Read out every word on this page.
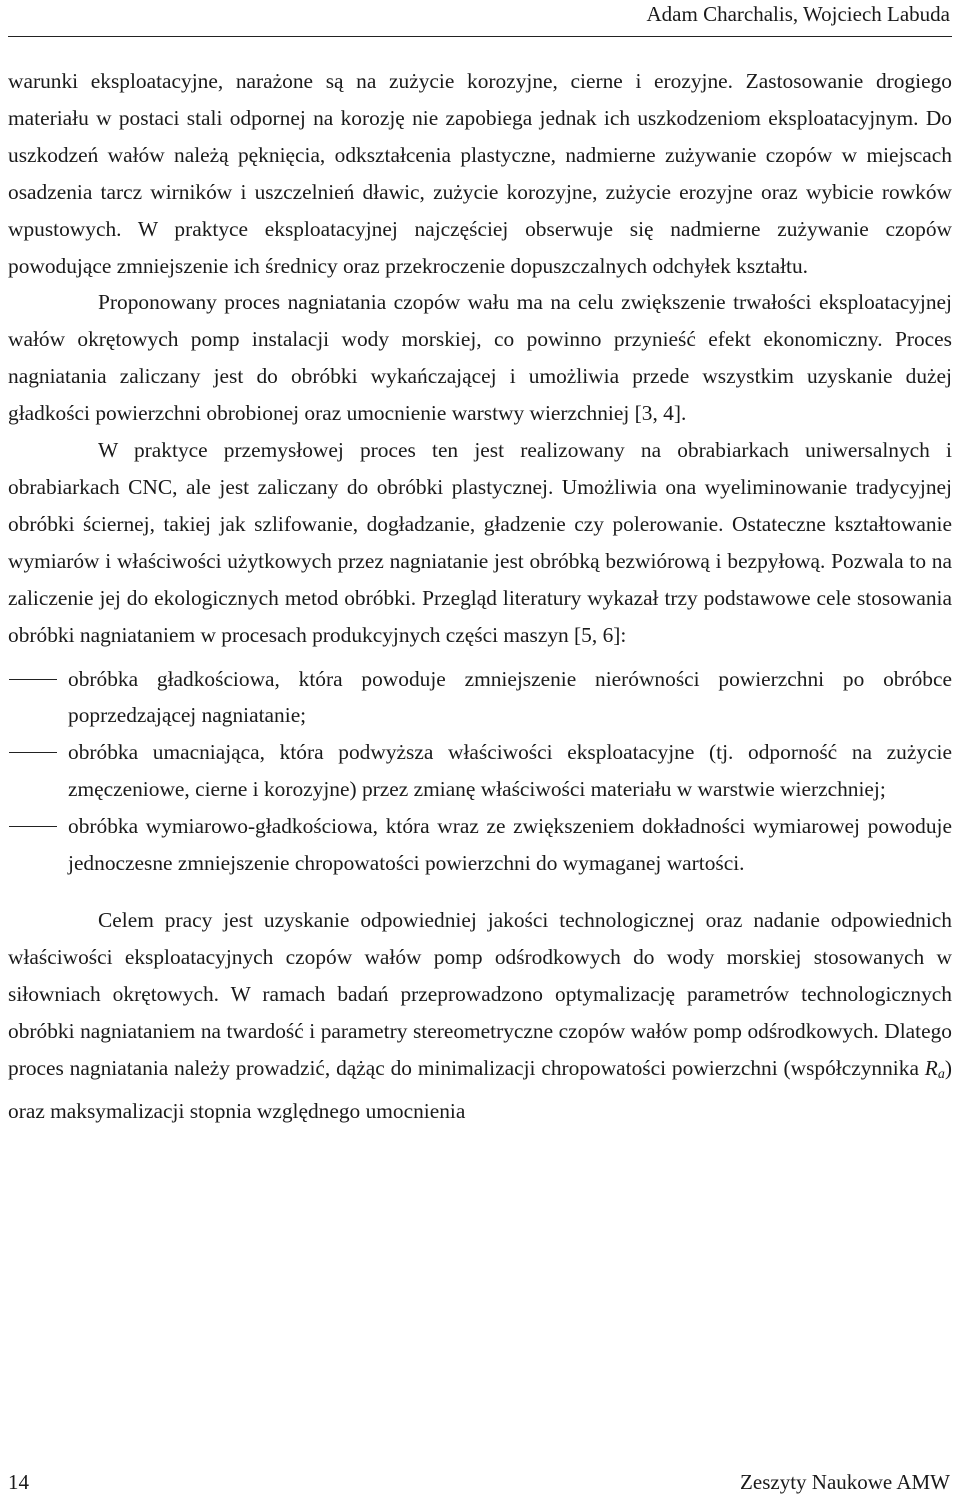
Adam Charchalis, Wojciech Labuda

warunki eksploatacyjne, narażone są na zużycie korozyjne, cierne i erozyjne. Zastosowanie drogiego materiału w postaci stali odpornej na korozję nie zapobiega jednak ich uszkodzeniom eksploatacyjnym. Do uszkodzeń wałów należą pęknięcia, odkształcenia plastyczne, nadmierne zużywanie czopów w miejscach osadzenia tarcz wirników i uszczelnień dławic, zużycie korozyjne, zużycie erozyjne oraz wybicie rowków wpustowych. W praktyce eksploatacyjnej najczęściej obserwuje się nadmierne zużywanie czopów powodujące zmniejszenie ich średnicy oraz przekroczenie dopuszczalnych odchyłek kształtu.

Proponowany proces nagniatania czopów wału ma na celu zwiększenie trwałości eksploatacyjnej wałów okrętowych pomp instalacji wody morskiej, co powinno przynieść efekt ekonomiczny. Proces nagniatania zaliczany jest do obróbki wykańczającej i umożliwia przede wszystkim uzyskanie dużej gładkości powierzchni obrobionej oraz umocnienie warstwy wierzchniej [3, 4].

W praktyce przemysłowej proces ten jest realizowany na obrabiarkach uniwersalnych i obrabiarkach CNC, ale jest zaliczany do obróbki plastycznej. Umożliwia ona wyeliminowanie tradycyjnej obróbki ściernej, takiej jak szlifowanie, dogładzanie, gładzenie czy polerowanie. Ostateczne kształtowanie wymiarów i właściwości użytkowych przez nagniatanie jest obróbką bezwiórową i bezpyłową. Pozwala to na zaliczenie jej do ekologicznych metod obróbki. Przegląd literatury wykazał trzy podstawowe cele stosowania obróbki nagniataniem w procesach produkcyjnych części maszyn [5, 6]:

obróbka gładkościowa, która powoduje zmniejszenie nierówności powierzchni po obróbce poprzedzającej nagniatanie;
obróbka umacniająca, która podwyższa właściwości eksploatacyjne (tj. odporność na zużycie zmęczeniowe, cierne i korozyjne) przez zmianę właściwości materiału w warstwie wierzchniej;
obróbka wymiarowo-gładkościowa, która wraz ze zwiększeniem dokładności wymiarowej powoduje jednoczesne zmniejszenie chropowatości powierzchni do wymaganej wartości.

Celem pracy jest uzyskanie odpowiedniej jakości technologicznej oraz nadanie odpowiednich właściwości eksploatacyjnych czopów wałów pomp odśrodkowych do wody morskiej stosowanych w siłowniach okrętowych. W ramach badań przeprowadzono optymalizację parametrów technologicznych obróbki nagniataniem na twardość i parametry stereometryczne czopów wałów pomp odśrodkowych. Dlatego proces nagniatania należy prowadzić, dążąc do minimalizacji chropowatości powierzchni (współczynnika $R_a$) oraz maksymalizacji stopnia względnego umocnienia

14	Zeszyty Naukowe AMW
